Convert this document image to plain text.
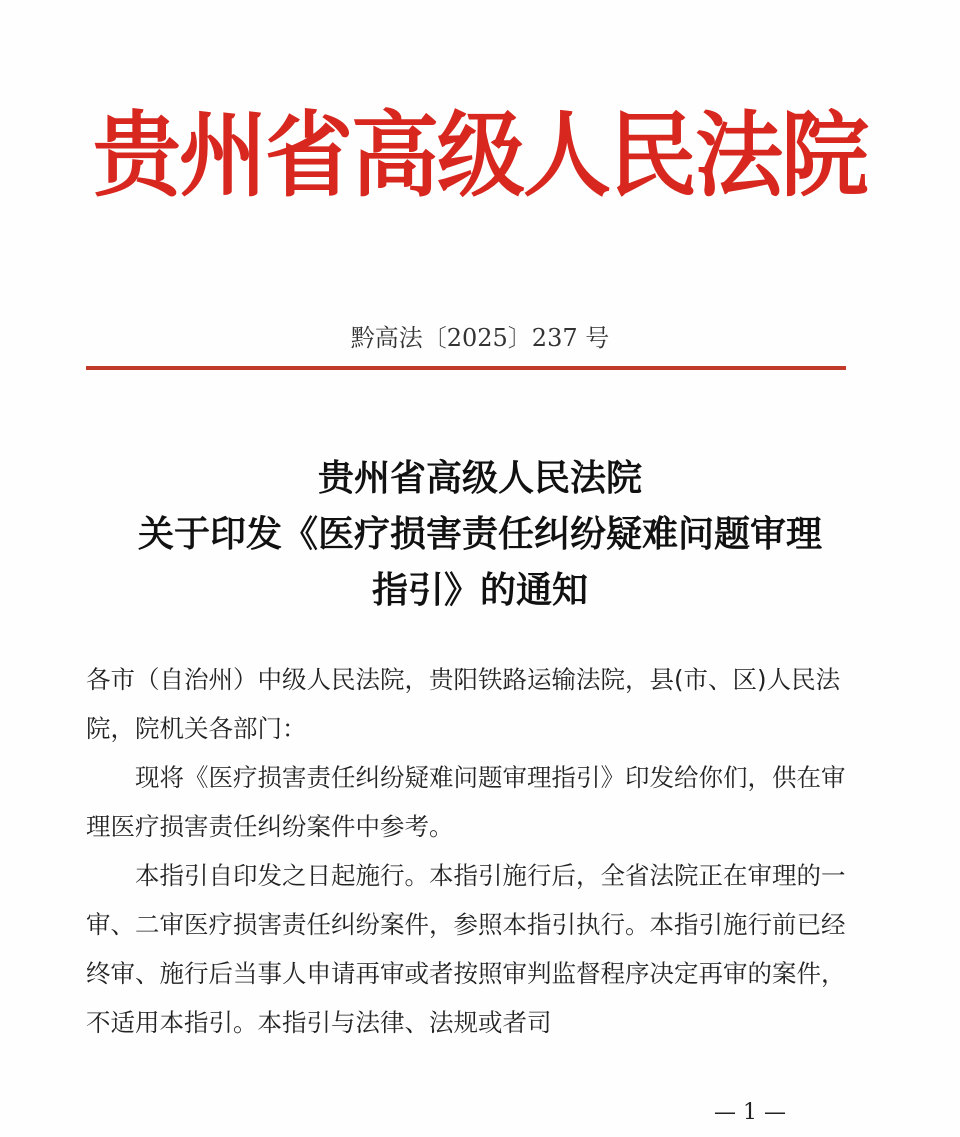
贵州省高级人民法院
黔高法〔2025〕237 号
贵州省高级人民法院
关于印发《医疗损害责任纠纷疑难问题审理
指引》的通知

各市（自治州）中级人民法院，贵阳铁路运输法院，县(市、区)人民法院，院机关各部门：

现将《医疗损害责任纠纷疑难问题审理指引》印发给你们，供在审理医疗损害责任纠纷案件中参考。

本指引自印发之日起施行。本指引施行后，全省法院正在审理的一审、二审医疗损害责任纠纷案件，参照本指引执行。本指引施行前已经终审、施行后当事人申请再审或者按照审判监督程序决定再审的案件，不适用本指引。本指引与法律、法规或者司

— 1 —
